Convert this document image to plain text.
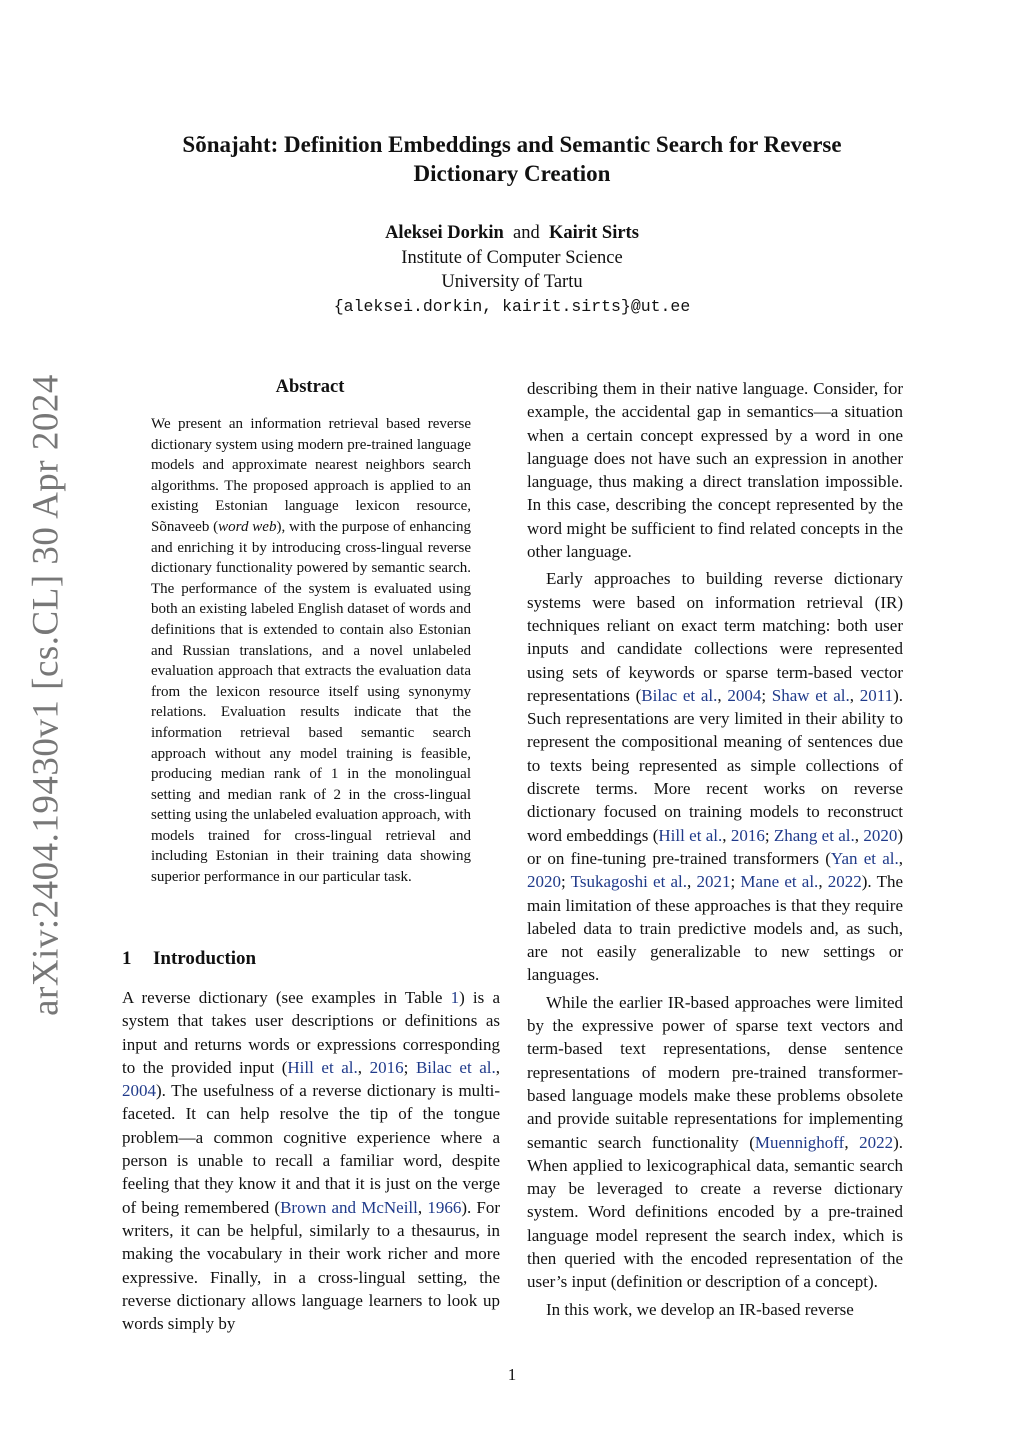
arXiv:2404.19430v1 [cs.CL] 30 Apr 2024
Sõnajaht: Definition Embeddings and Semantic Search for Reverse Dictionary Creation
Aleksei Dorkin and Kairit Sirts
Institute of Computer Science
University of Tartu
{aleksei.dorkin, kairit.sirts}@ut.ee
Abstract
We present an information retrieval based reverse dictionary system using modern pre-trained language models and approximate nearest neighbors search algorithms. The proposed approach is applied to an existing Estonian language lexicon resource, Sõnaveeb (word web), with the purpose of enhancing and enriching it by introducing cross-lingual reverse dictionary functionality powered by semantic search. The performance of the system is evaluated using both an existing labeled English dataset of words and definitions that is extended to contain also Estonian and Russian translations, and a novel unlabeled evaluation approach that extracts the evaluation data from the lexicon resource itself using synonymy relations. Evaluation results indicate that the information retrieval based semantic search approach without any model training is feasible, producing median rank of 1 in the monolingual setting and median rank of 2 in the cross-lingual setting using the unlabeled evaluation approach, with models trained for cross-lingual retrieval and including Estonian in their training data showing superior performance in our particular task.
1 Introduction

A reverse dictionary (see examples in Table 1) is a system that takes user descriptions or definitions as input and returns words or expressions corresponding to the provided input (Hill et al., 2016; Bilac et al., 2004). The usefulness of a reverse dictionary is multi-faceted. It can help resolve the tip of the tongue problem—a common cognitive experience where a person is unable to recall a familiar word, despite feeling that they know it and that it is just on the verge of being remembered (Brown and McNeill, 1966). For writers, it can be helpful, similarly to a thesaurus, in making the vocabulary in their work richer and more expressive. Finally, in a cross-lingual setting, the reverse dictionary allows language learners to look up words simply by

describing them in their native language. Consider, for example, the accidental gap in semantics—a situation when a certain concept expressed by a word in one language does not have such an expression in another language, thus making a direct translation impossible. In this case, describing the concept represented by the word might be sufficient to find related concepts in the other language.

Early approaches to building reverse dictionary systems were based on information retrieval (IR) techniques reliant on exact term matching: both user inputs and candidate collections were represented using sets of keywords or sparse term-based vector representations (Bilac et al., 2004; Shaw et al., 2011). Such representations are very limited in their ability to represent the compositional meaning of sentences due to texts being represented as simple collections of discrete terms. More recent works on reverse dictionary focused on training models to reconstruct word embeddings (Hill et al., 2016; Zhang et al., 2020) or on fine-tuning pre-trained transformers (Yan et al., 2020; Tsukagoshi et al., 2021; Mane et al., 2022). The main limitation of these approaches is that they require labeled data to train predictive models and, as such, are not easily generalizable to new settings or languages.

While the earlier IR-based approaches were limited by the expressive power of sparse text vectors and term-based text representations, dense sentence representations of modern pre-trained transformer-based language models make these problems obsolete and provide suitable representations for implementing semantic search functionality (Muennighoff, 2022). When applied to lexicographical data, semantic search may be leveraged to create a reverse dictionary system. Word definitions encoded by a pre-trained language model represent the search index, which is then queried with the encoded representation of the user’s input (definition or description of a concept).

In this work, we develop an IR-based reverse

1
